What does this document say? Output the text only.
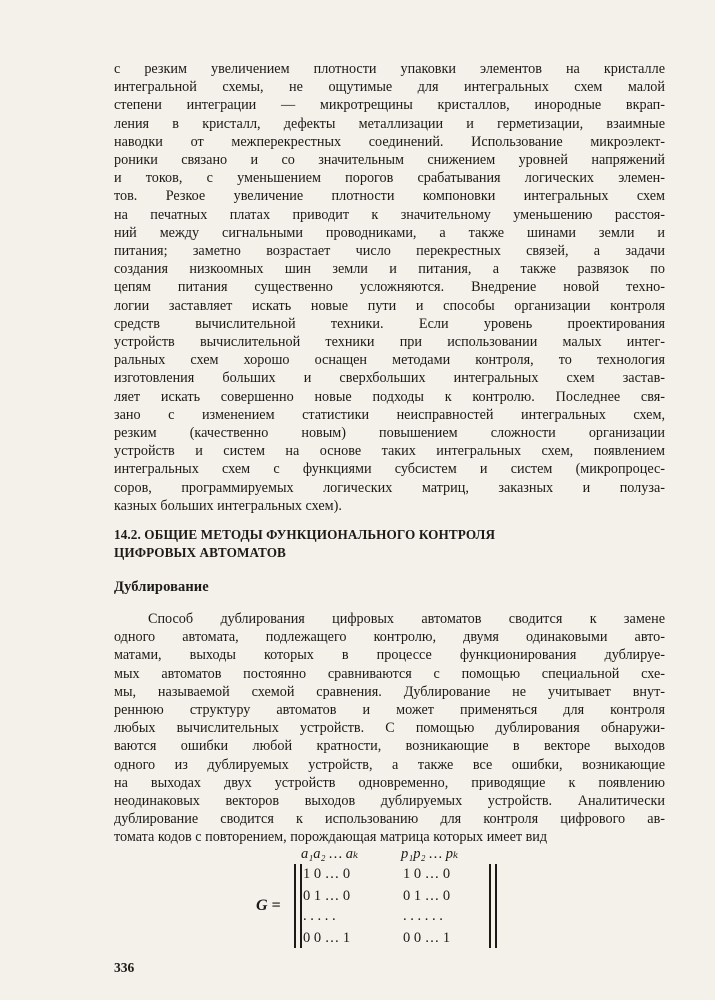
с резким увеличением плотности упаковки элементов на кристалле
интегральной схемы, не ощутимые для интегральных схем малой
степени интеграции — микротрещины кристаллов, инородные вкрап-
ления в кристалл, дефекты металлизации и герметизации, взаимные
наводки от межперекрестных соединений. Использование микроэлект-
роники связано и со значительным снижением уровней напряжений
и токов, с уменьшением порогов срабатывания логических элемен-
тов. Резкое увеличение плотности компоновки интегральных схем
на печатных платах приводит к значительному уменьшению расстоя-
ний между сигнальными проводниками, а также шинами земли и
питания; заметно возрастает число перекрестных связей, а задачи
создания низкоомных шин земли и питания, а также развязок по
цепям питания существенно усложняются. Внедрение новой техно-
логии заставляет искать новые пути и способы организации контроля
средств вычислительной техники. Если уровень проектирования
устройств вычислительной техники при использовании малых интег-
ральных схем хорошо оснащен методами контроля, то технология
изготовления больших и сверхбольших интегральных схем застав-
ляет искать совершенно новые подходы к контролю. Последнее свя-
зано с изменением статистики неисправностей интегральных схем,
резким (качественно новым) повышением сложности организации
устройств и систем на основе таких интегральных схем, появлением
интегральных схем с функциями субсистем и систем (микропроцес-
соров, программируемых логических матриц, заказных и полуза-
казных больших интегральных схем).
14.2. ОБЩИЕ МЕТОДЫ ФУНКЦИОНАЛЬНОГО КОНТРОЛЯ
ЦИФРОВЫХ АВТОМАТОВ
Дублирование
Способ дублирования цифровых автоматов сводится к замене
одного автомата, подлежащего контролю, двумя одинаковыми авто-
матами, выходы которых в процессе функционирования дублируе-
мых автоматов постоянно сравниваются с помощью специальной схе-
мы, называемой схемой сравнения. Дублирование не учитывает внут-
реннюю структуру автоматов и может применяться для контроля
любых вычислительных устройств. С помощью дублирования обнаружи-
ваются ошибки любой кратности, возникающие в векторе выходов
одного из дублируемых устройств, а также все ошибки, возникающие
на выходах двух устройств одновременно, приводящие к появлению
неодинаковых векторов выходов дублируемых устройств. Аналитически
дублирование сводится к использованию для контроля цифрового ав-
томата кодов с повторением, порождающая матрица которых имеет вид
G =
a₁a₂ … aₖ	p₁p₂ … pₖ
1 0 … 0	1 0 … 0
0 1 … 0	0 1 … 0
. . . . .	. . . . . .
0 0 … 1	0 0 … 1
336
